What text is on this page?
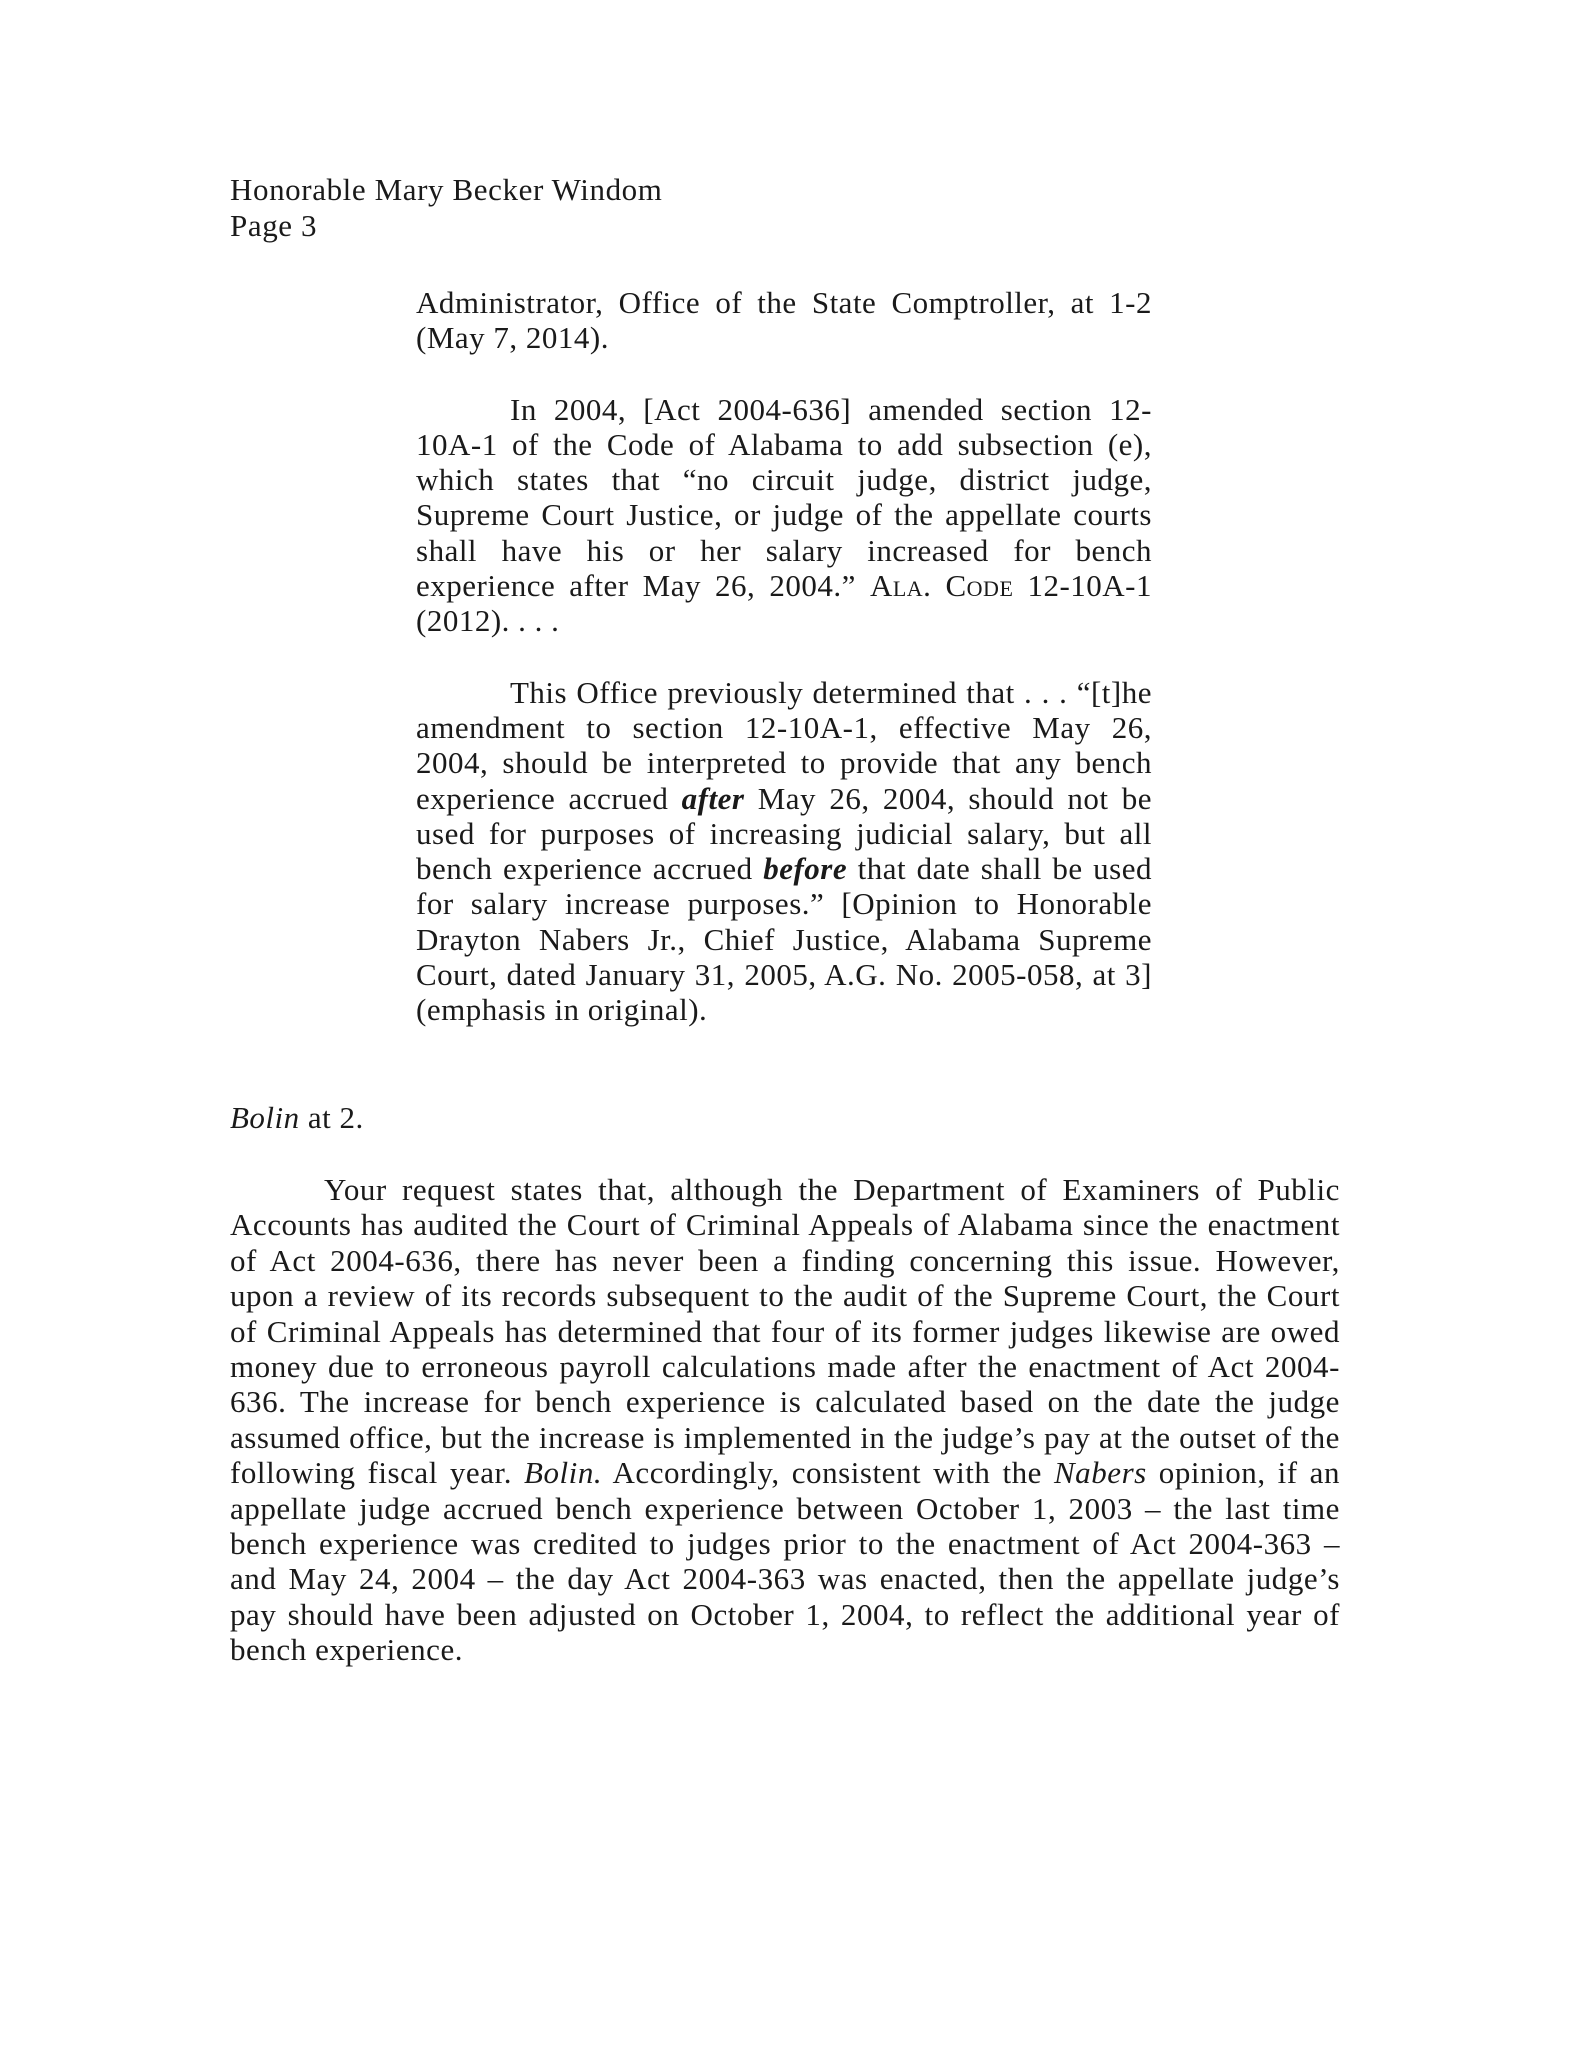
Honorable Mary Becker Windom
Page 3

Administrator, Office of the State Comptroller, at 1-2 (May 7, 2014).

In 2004, [Act 2004-636] amended section 12-10A-1 of the Code of Alabama to add subsection (e), which states that “no circuit judge, district judge, Supreme Court Justice, or judge of the appellate courts shall have his or her salary increased for bench experience after May 26, 2004.” Ala. Code 12-10A-1 (2012). . . .

This Office previously determined that . . . “[t]he amendment to section 12-10A-1, effective May 26, 2004, should be interpreted to provide that any bench experience accrued after May 26, 2004, should not be used for purposes of increasing judicial salary, but all bench experience accrued before that date shall be used for salary increase purposes.” [Opinion to Honorable Drayton Nabers Jr., Chief Justice, Alabama Supreme Court, dated January 31, 2005, A.G. No. 2005-058, at 3] (emphasis in original).

Bolin at 2.

Your request states that, although the Department of Examiners of Public Accounts has audited the Court of Criminal Appeals of Alabama since the enactment of Act 2004-636, there has never been a finding concerning this issue. However, upon a review of its records subsequent to the audit of the Supreme Court, the Court of Criminal Appeals has determined that four of its former judges likewise are owed money due to erroneous payroll calculations made after the enactment of Act 2004-636. The increase for bench experience is calculated based on the date the judge assumed office, but the increase is implemented in the judge’s pay at the outset of the following fiscal year. Bolin. Accordingly, consistent with the Nabers opinion, if an appellate judge accrued bench experience between October 1, 2003 – the last time bench experience was credited to judges prior to the enactment of Act 2004-363 – and May 24, 2004 – the day Act 2004-363 was enacted, then the appellate judge’s pay should have been adjusted on October 1, 2004, to reflect the additional year of bench experience.
